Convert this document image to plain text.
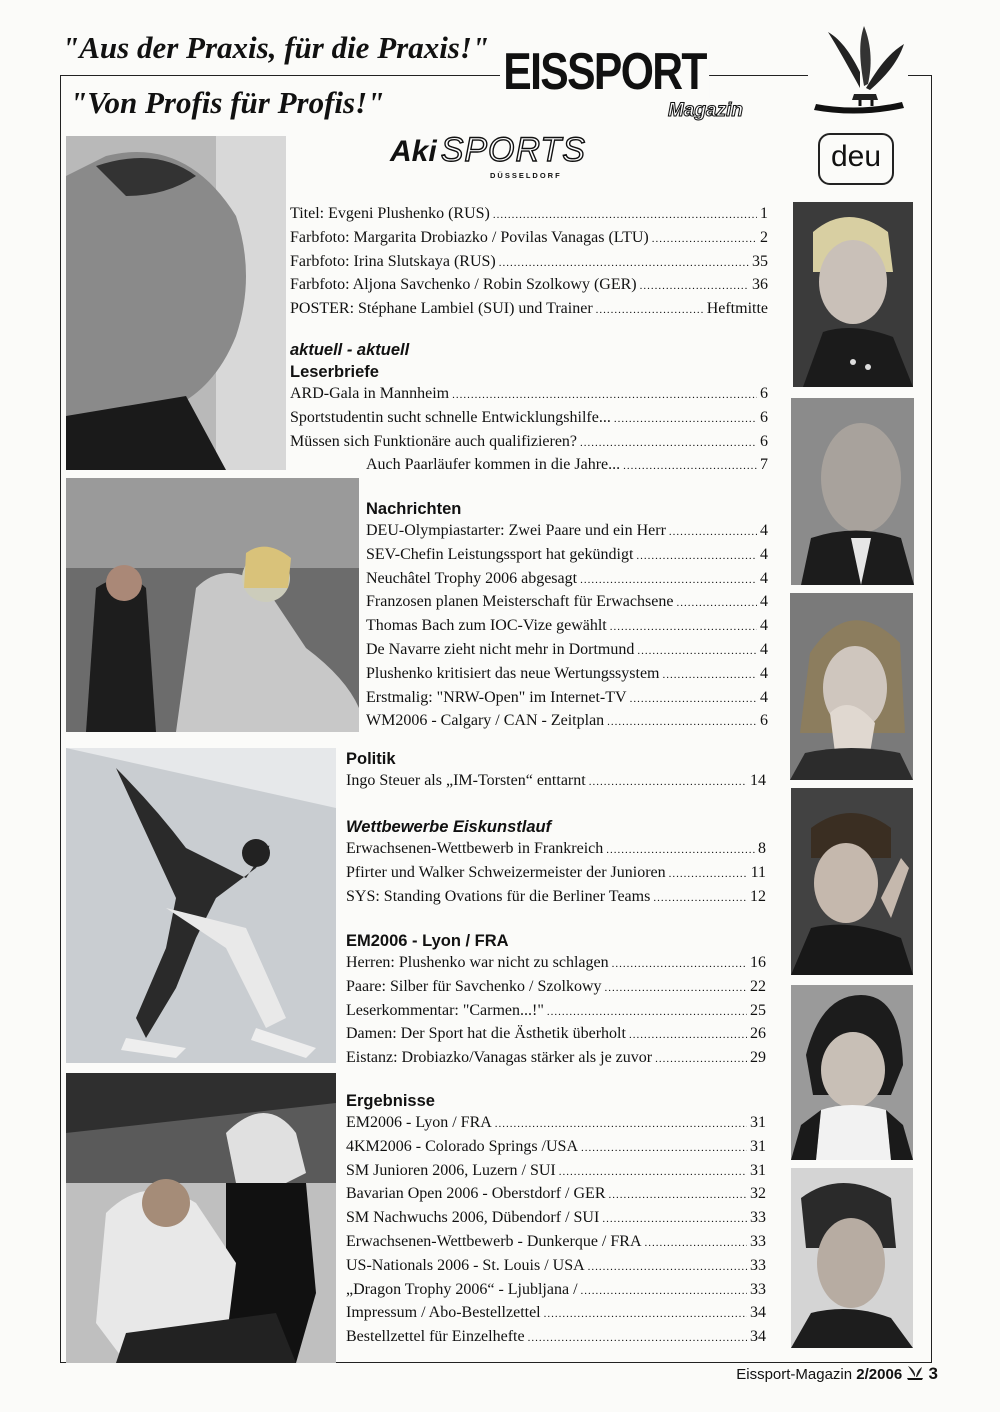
"Aus der Praxis, für die Praxis!"
"Von Profis für Profis!"
EISSPORT
Magazin
Aki SPORTS
DÜSSELDORF
deu
Titel: Evgeni Plushenko (RUS) .....	1
Farbfoto: Margarita Drobiazko / Povilas Vanagas (LTU) .....	2
Farbfoto: Irina Slutskaya (RUS) .....	35
Farbfoto: Aljona Savchenko / Robin Szolkowy (GER) .....	36
POSTER: Stéphane Lambiel (SUI) und Trainer .....	Heftmitte
aktuell - aktuell
Leserbriefe
ARD-Gala in Mannheim .....	6
Sportstudentin sucht schnelle Entwicklungshilfe... .....	6
Müssen sich Funktionäre auch qualifizieren? .....	6
Auch Paarläufer kommen in die Jahre... .....	7
Nachrichten
DEU-Olympiastarter: Zwei Paare und ein Herr .....	4
SEV-Chefin Leistungssport hat gekündigt .....	4
Neuchâtel Trophy 2006 abgesagt .....	4
Franzosen planen Meisterschaft für Erwachsene .....	4
Thomas Bach zum IOC-Vize gewählt .....	4
De Navarre zieht nicht mehr in Dortmund .....	4
Plushenko kritisiert das neue Wertungssystem .....	4
Erstmalig: "NRW-Open" im Internet-TV .....	4
WM2006 - Calgary / CAN - Zeitplan .....	6
Politik
Ingo Steuer als „IM-Torsten“ enttarnt .....	14
Wettbewerbe Eiskunstlauf
Erwachsenen-Wettbewerb in Frankreich .....	8
Pfirter und Walker Schweizermeister der Junioren .....	11
SYS: Standing Ovations für die Berliner Teams .....	12
EM2006 - Lyon / FRA
Herren: Plushenko war nicht zu schlagen .....	16
Paare: Silber für Savchenko / Szolkowy .....	22
Leserkommentar: "Carmen...!" .....	25
Damen: Der Sport hat die Ästhetik überholt .....	26
Eistanz: Drobiazko/Vanagas stärker als je zuvor .....	29
Ergebnisse
EM2006 - Lyon / FRA .....	31
4KM2006 - Colorado Springs /USA .....	31
SM Junioren 2006, Luzern / SUI .....	31
Bavarian Open 2006 - Oberstdorf / GER .....	32
SM Nachwuchs 2006, Dübendorf / SUI .....	33
Erwachsenen-Wettbewerb - Dunkerque / FRA .....	33
US-Nationals 2006 - St. Louis / USA .....	33
„Dragon Trophy 2006“ - Ljubljana / .....	33
Impressum / Abo-Bestellzettel .....	34
Bestellzettel für Einzelhefte .....	34
Eissport-Magazin 2/2006 3
